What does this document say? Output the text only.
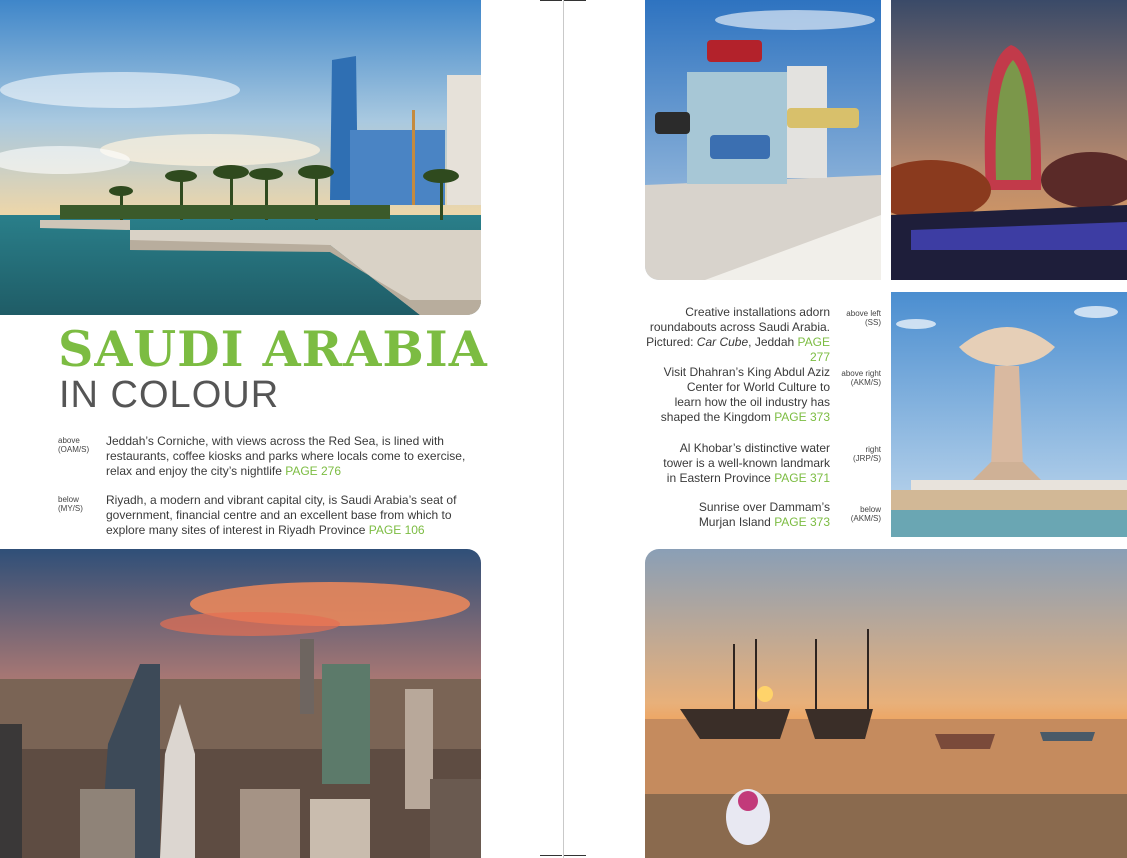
SAUDI ARABIA
IN COLOUR
above
(OAM/S)
Jeddah’s Corniche, with views across the Red Sea, is lined with restaurants, coffee kiosks and parks where locals come to exercise, relax and enjoy the city’s nightlife PAGE 276
below
(MY/S)
Riyadh, a modern and vibrant capital city, is Saudi Arabia’s seat of government, financial centre and an excellent base from which to explore many sites of interest in Riyadh Province PAGE 106
Creative installations adorn roundabouts across Saudi Arabia. Pictured: Car Cube, Jeddah PAGE 277
above left
(SS)
Visit Dhahran’s King Abdul Aziz Center for World Culture to learn how the oil industry has shaped the Kingdom PAGE 373
above right
(AKM/S)
Al Khobar’s distinctive water tower is a well-known landmark in Eastern Province PAGE 371
right
(JRP/S)
Sunrise over Dammam’s Murjan Island PAGE 373
below
(AKM/S)
